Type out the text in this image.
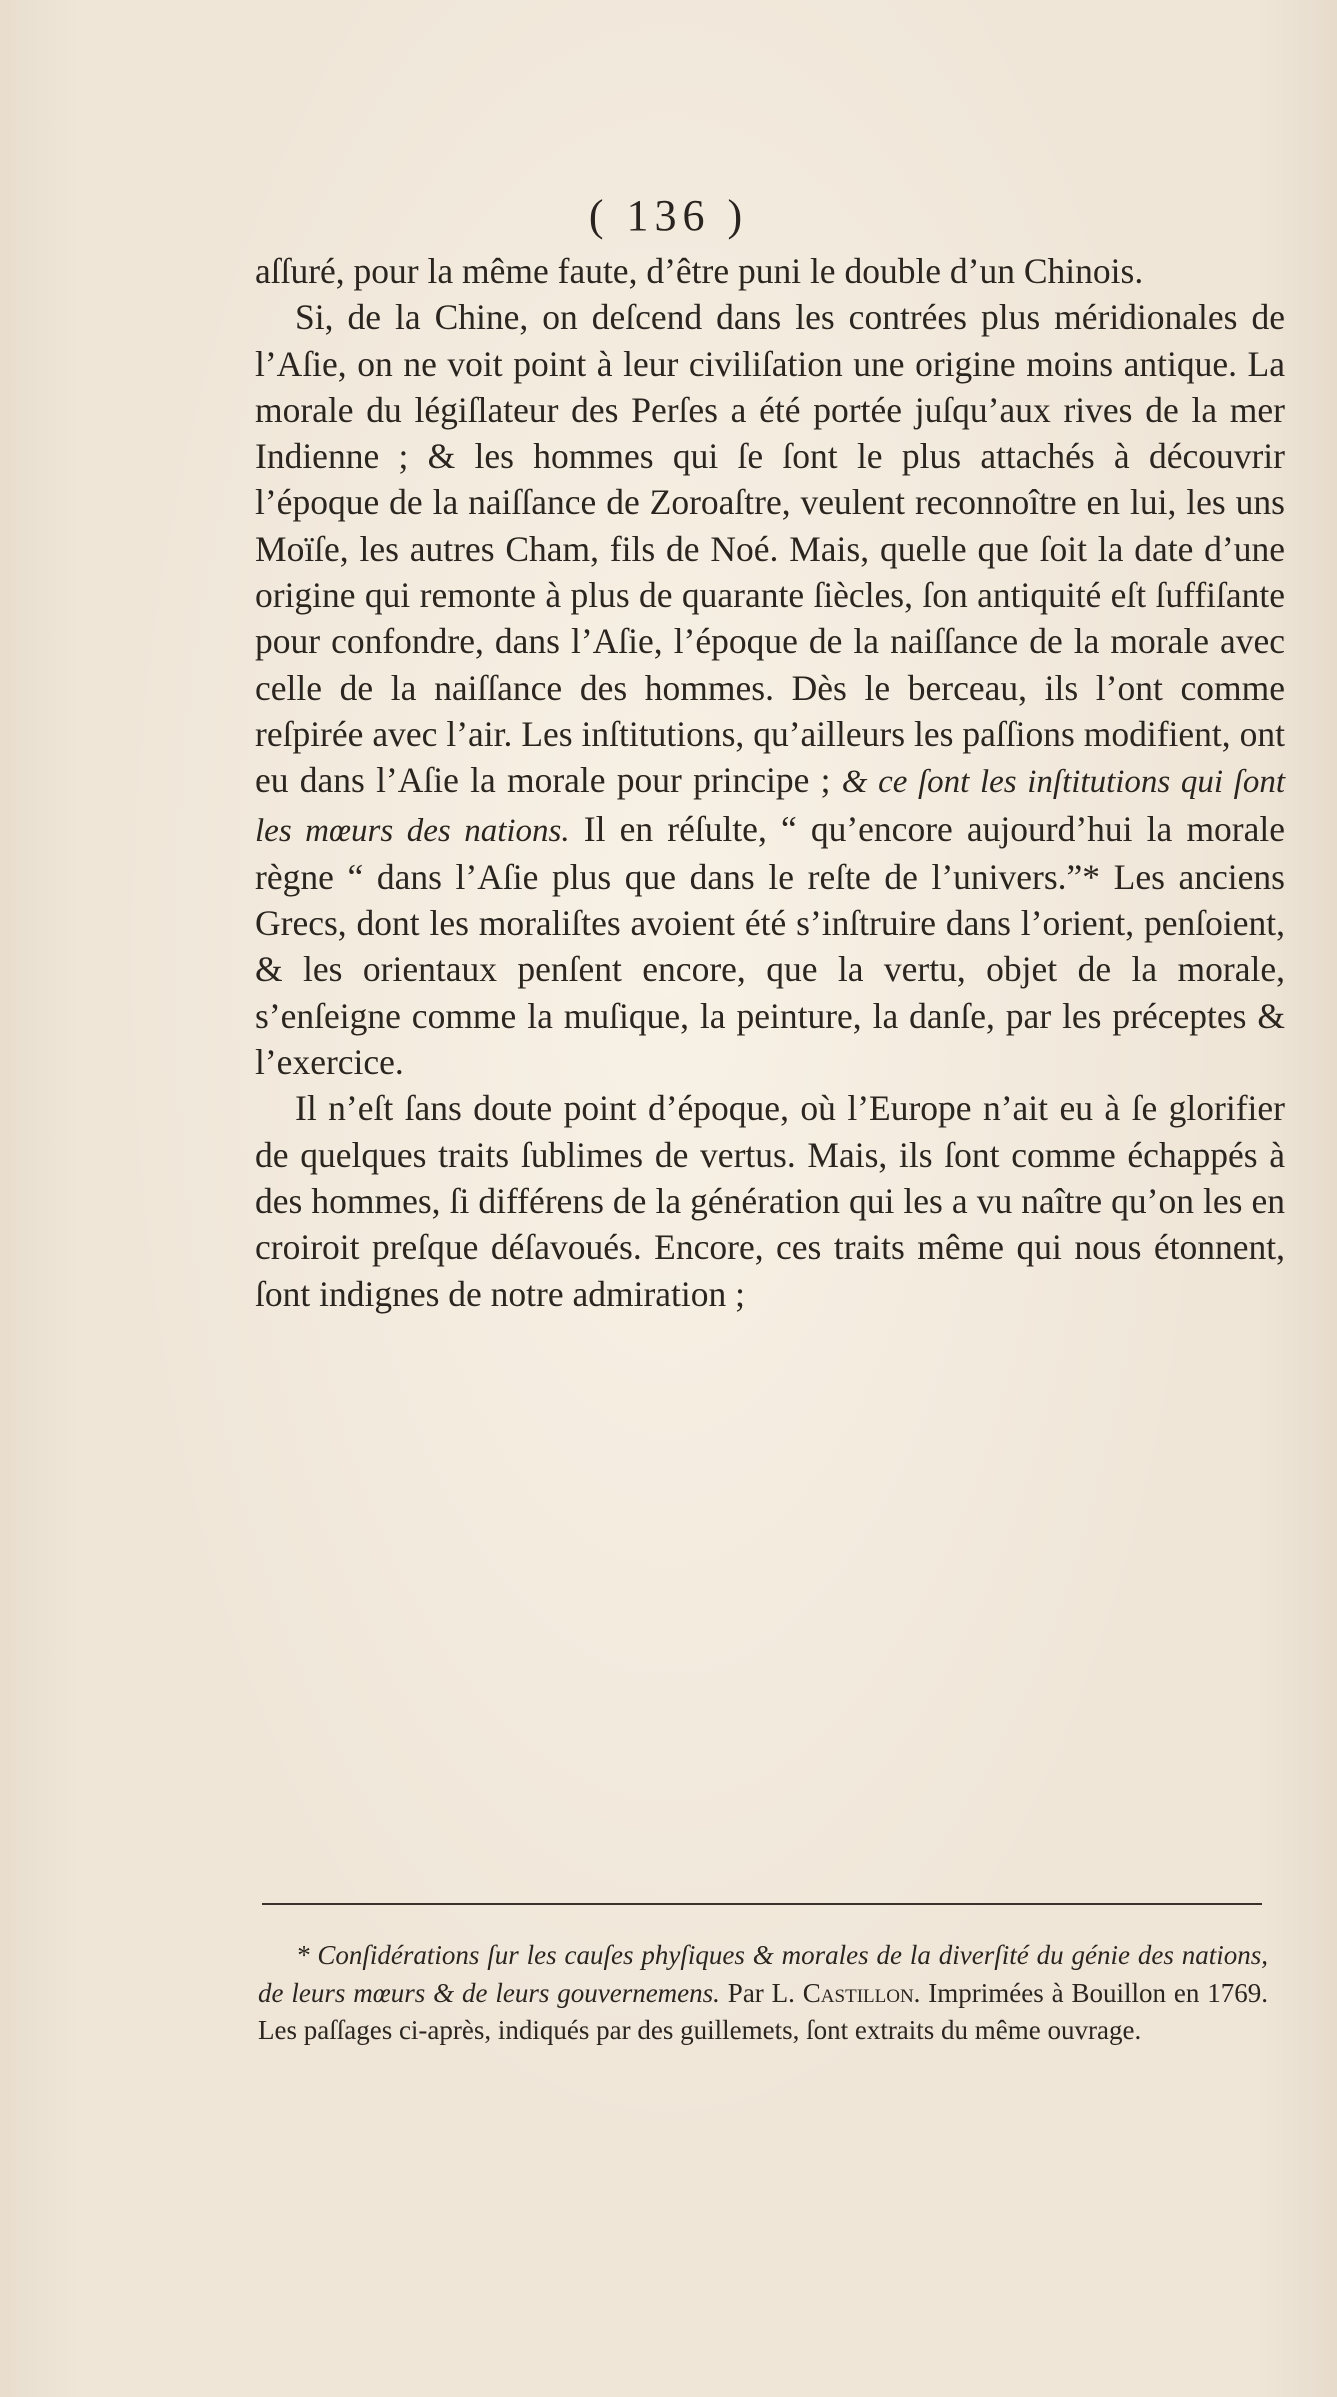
( 136 )

aſſuré, pour la même faute, d’être puni le double d’un Chinois.

Si, de la Chine, on deſcend dans les contrées plus méridionales de l’Aſie, on ne voit point à leur civiliſation une origine moins antique. La morale du légiſlateur des Perſes a été portée juſqu’aux rives de la mer Indienne ; & les hommes qui ſe ſont le plus attachés à découvrir l’époque de la naiſſance de Zoroaſtre, veulent reconnoître en lui, les uns Moïſe, les autres Cham, fils de Noé. Mais, quelle que ſoit la date d’une origine qui remonte à plus de quarante ſiècles, ſon antiquité eſt ſuffiſante pour confondre, dans l’Aſie, l’époque de la naiſſance de la morale avec celle de la naiſſance des hommes. Dès le berceau, ils l’ont comme reſpirée avec l’air. Les inſtitutions, qu’ailleurs les paſſions modifient, ont eu dans l’Aſie la morale pour principe ; & ce ſont les inſtitutions qui ſont les mœurs des nations. Il en réſulte, “ qu’encore aujourd’hui la morale règne “ dans l’Aſie plus que dans le reſte de l’univers.”* Les anciens Grecs, dont les moraliſtes avoient été s’inſtruire dans l’orient, penſoient, & les orientaux penſent encore, que la vertu, objet de la morale, s’enſeigne comme la muſique, la peinture, la danſe, par les préceptes & l’exercice.

Il n’eſt ſans doute point d’époque, où l’Europe n’ait eu à ſe glorifier de quelques traits ſublimes de vertus. Mais, ils ſont comme échappés à des hommes, ſi différens de la génération qui les a vu naître qu’on les en croiroit preſque déſavoués. Encore, ces traits même qui nous étonnent, ſont indignes de notre admiration ;

* Conſidérations ſur les cauſes phyſiques & morales de la diverſité du génie des nations, de leurs mœurs & de leurs gouvernemens. Par L. Castillon. Imprimées à Bouillon en 1769. Les paſſages ci-après, indiqués par des guillemets, ſont extraits du même ouvrage.
